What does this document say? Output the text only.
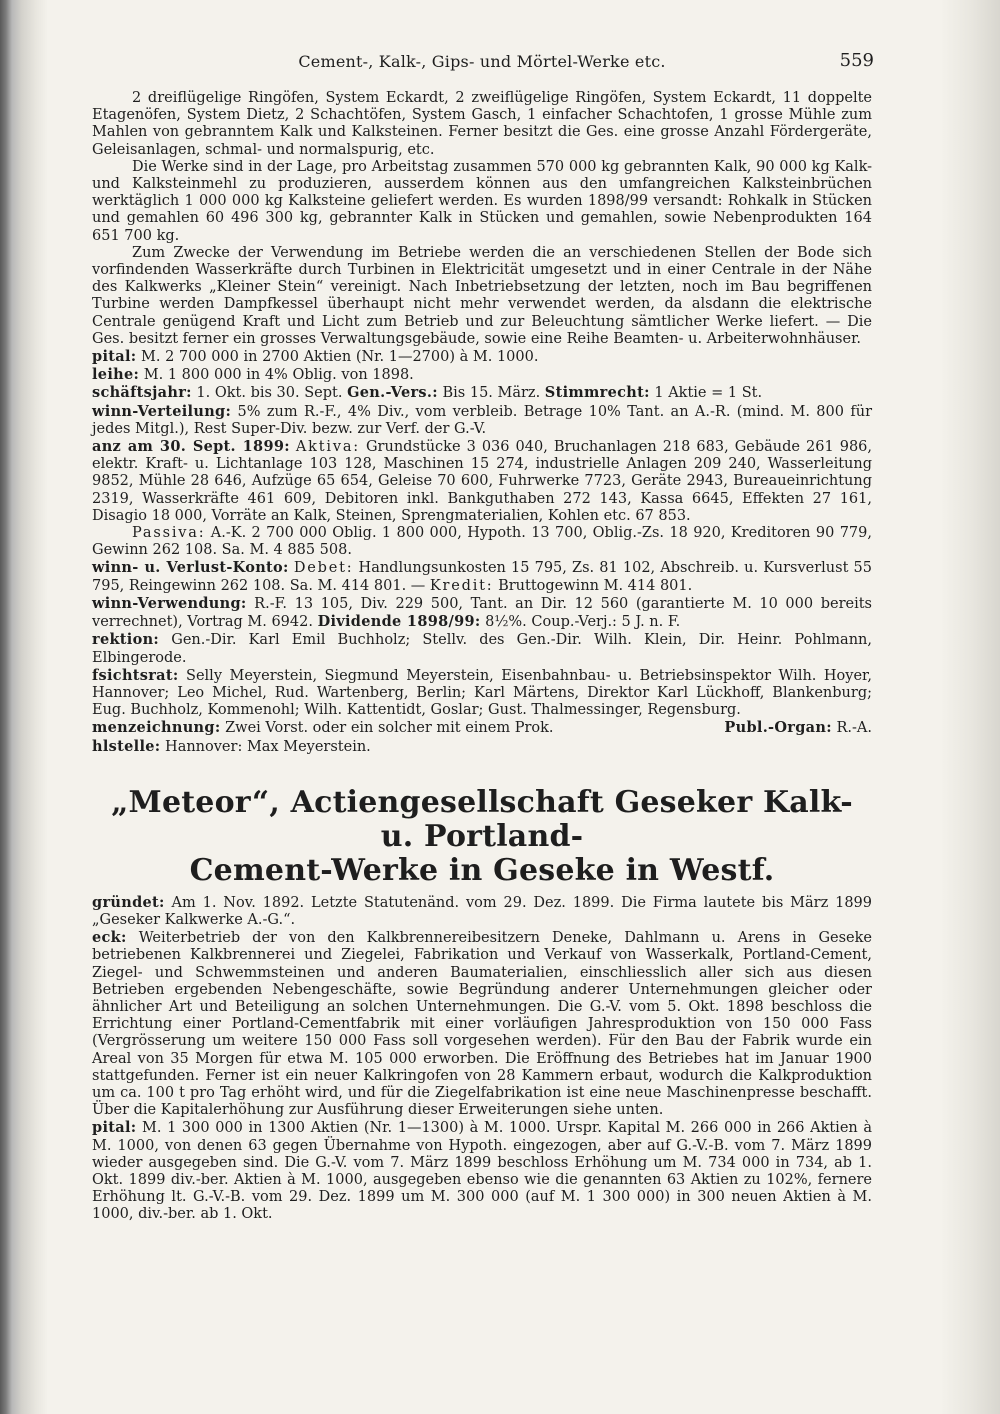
Cement-, Kalk-, Gips- und Mörtel-Werke etc.	559

2 dreiflügelige Ringöfen, System Eckardt, 2 zweiflügelige Ringöfen, System Eckardt, 11 doppelte Etagenöfen, System Dietz, 2 Schachtöfen, System Gasch, 1 einfacher Schachtofen, 1 grosse Mühle zum Mahlen von gebranntem Kalk und Kalksteinen. Ferner besitzt die Ges. eine grosse Anzahl Fördergeräte, Geleisanlagen, schmal- und normalspurig, etc.

Die Werke sind in der Lage, pro Arbeitstag zusammen 570 000 kg gebrannten Kalk, 90 000 kg Kalk- und Kalksteinmehl zu produzieren, ausserdem können aus den umfangreichen Kalksteinbrüchen werktäglich 1 000 000 kg Kalksteine geliefert werden. Es wurden 1898/99 versandt: Rohkalk in Stücken und gemahlen 60 496 300 kg, gebrannter Kalk in Stücken und gemahlen, sowie Nebenprodukten 164 651 700 kg.

Zum Zwecke der Verwendung im Betriebe werden die an verschiedenen Stellen der Bode sich vorfindenden Wasserkräfte durch Turbinen in Elektricität umgesetzt und in einer Centrale in der Nähe des Kalkwerks „Kleiner Stein“ vereinigt. Nach Inbetriebsetzung der letzten, noch im Bau begriffenen Turbine werden Dampfkessel überhaupt nicht mehr verwendet werden, da alsdann die elektrische Centrale genügend Kraft und Licht zum Betrieb und zur Beleuchtung sämtlicher Werke liefert. — Die Ges. besitzt ferner ein grosses Verwaltungsgebäude, sowie eine Reihe Beamten- u. Arbeiterwohnhäuser.

pital: M. 2 700 000 in 2700 Aktien (Nr. 1—2700) à M. 1000.

leihe: M. 1 800 000 in 4% Oblig. von 1898.

schäftsjahr: 1. Okt. bis 30. Sept. Gen.-Vers.: Bis 15. März. Stimmrecht: 1 Aktie = 1 St.

winn-Verteilung: 5% zum R.-F., 4% Div., vom verbleib. Betrage 10% Tant. an A.-R. (mind. M. 800 für jedes Mitgl.), Rest Super-Div. bezw. zur Verf. der G.-V.

anz am 30. Sept. 1899: Aktiva: Grundstücke 3 036 040, Bruchanlagen 218 683, Gebäude 261 986, elektr. Kraft- u. Lichtanlage 103 128, Maschinen 15 274, industrielle Anlagen 209 240, Wasserleitung 9852, Mühle 28 646, Aufzüge 65 654, Geleise 70 600, Fuhrwerke 7723, Geräte 2943, Bureaueinrichtung 2319, Wasserkräfte 461 609, Debitoren inkl. Bankguthaben 272 143, Kassa 6645, Effekten 27 161, Disagio 18 000, Vorräte an Kalk, Steinen, Sprengmaterialien, Kohlen etc. 67 853.

Passiva: A.-K. 2 700 000 Oblig. 1 800 000, Hypoth. 13 700, Oblig.-Zs. 18 920, Kreditoren 90 779, Gewinn 262 108. Sa. M. 4 885 508.

winn- u. Verlust-Konto: Debet: Handlungsunkosten 15 795, Zs. 81 102, Abschreib. u. Kursverlust 55 795, Reingewinn 262 108. Sa. M. 414 801. — Kredit: Bruttogewinn M. 414 801.

winn-Verwendung: R.-F. 13 105, Div. 229 500, Tant. an Dir. 12 560 (garantierte M. 10 000 bereits verrechnet), Vortrag M. 6942. Dividende 1898/99: 8½%. Coup.-Verj.: 5 J. n. F.

rektion: Gen.-Dir. Karl Emil Buchholz; Stellv. des Gen.-Dir. Wilh. Klein, Dir. Heinr. Pohlmann, Elbingerode.

fsichtsrat: Selly Meyerstein, Siegmund Meyerstein, Eisenbahnbau- u. Betriebsinspektor Wilh. Hoyer, Hannover; Leo Michel, Rud. Wartenberg, Berlin; Karl Märtens, Direktor Karl Lückhoff, Blankenburg; Eug. Buchholz, Kommenohl; Wilh. Kattentidt, Goslar; Gust. Thalmessinger, Regensburg.

menzeichnung: Zwei Vorst. oder ein solcher mit einem Prok.	Publ.-Organ: R.-A.

hlstelle: Hannover: Max Meyerstein.

„Meteor“, Actiengesellschaft Geseker Kalk- u. Portland-
Cement-Werke in Geseke in Westf.

gründet: Am 1. Nov. 1892. Letzte Statutenänd. vom 29. Dez. 1899. Die Firma lautete bis März 1899 „Geseker Kalkwerke A.-G.“.

eck: Weiterbetrieb der von den Kalkbrennereibesitzern Deneke, Dahlmann u. Arens in Geseke betriebenen Kalkbrennerei und Ziegelei, Fabrikation und Verkauf von Wasserkalk, Portland-Cement, Ziegel- und Schwemmsteinen und anderen Baumaterialien, einschliesslich aller sich aus diesen Betrieben ergebenden Nebengeschäfte, sowie Begründung anderer Unternehmungen gleicher oder ähnlicher Art und Beteiligung an solchen Unternehmungen. Die G.-V. vom 5. Okt. 1898 beschloss die Errichtung einer Portland-Cementfabrik mit einer vorläufigen Jahresproduktion von 150 000 Fass (Vergrösserung um weitere 150 000 Fass soll vorgesehen werden). Für den Bau der Fabrik wurde ein Areal von 35 Morgen für etwa M. 105 000 erworben. Die Eröffnung des Betriebes hat im Januar 1900 stattgefunden. Ferner ist ein neuer Kalkringofen von 28 Kammern erbaut, wodurch die Kalkproduktion um ca. 100 t pro Tag erhöht wird, und für die Ziegelfabrikation ist eine neue Maschinenpresse beschafft. Über die Kapitalerhöhung zur Ausführung dieser Erweiterungen siehe unten.

pital: M. 1 300 000 in 1300 Aktien (Nr. 1—1300) à M. 1000. Urspr. Kapital M. 266 000 in 266 Aktien à M. 1000, von denen 63 gegen Übernahme von Hypoth. eingezogen, aber auf G.-V.-B. vom 7. März 1899 wieder ausgegeben sind. Die G.-V. vom 7. März 1899 beschloss Erhöhung um M. 734 000 in 734, ab 1. Okt. 1899 div.-ber. Aktien à M. 1000, ausgegeben ebenso wie die genannten 63 Aktien zu 102%, fernere Erhöhung lt. G.-V.-B. vom 29. Dez. 1899 um M. 300 000 (auf M. 1 300 000) in 300 neuen Aktien à M. 1000, div.-ber. ab 1. Okt.
